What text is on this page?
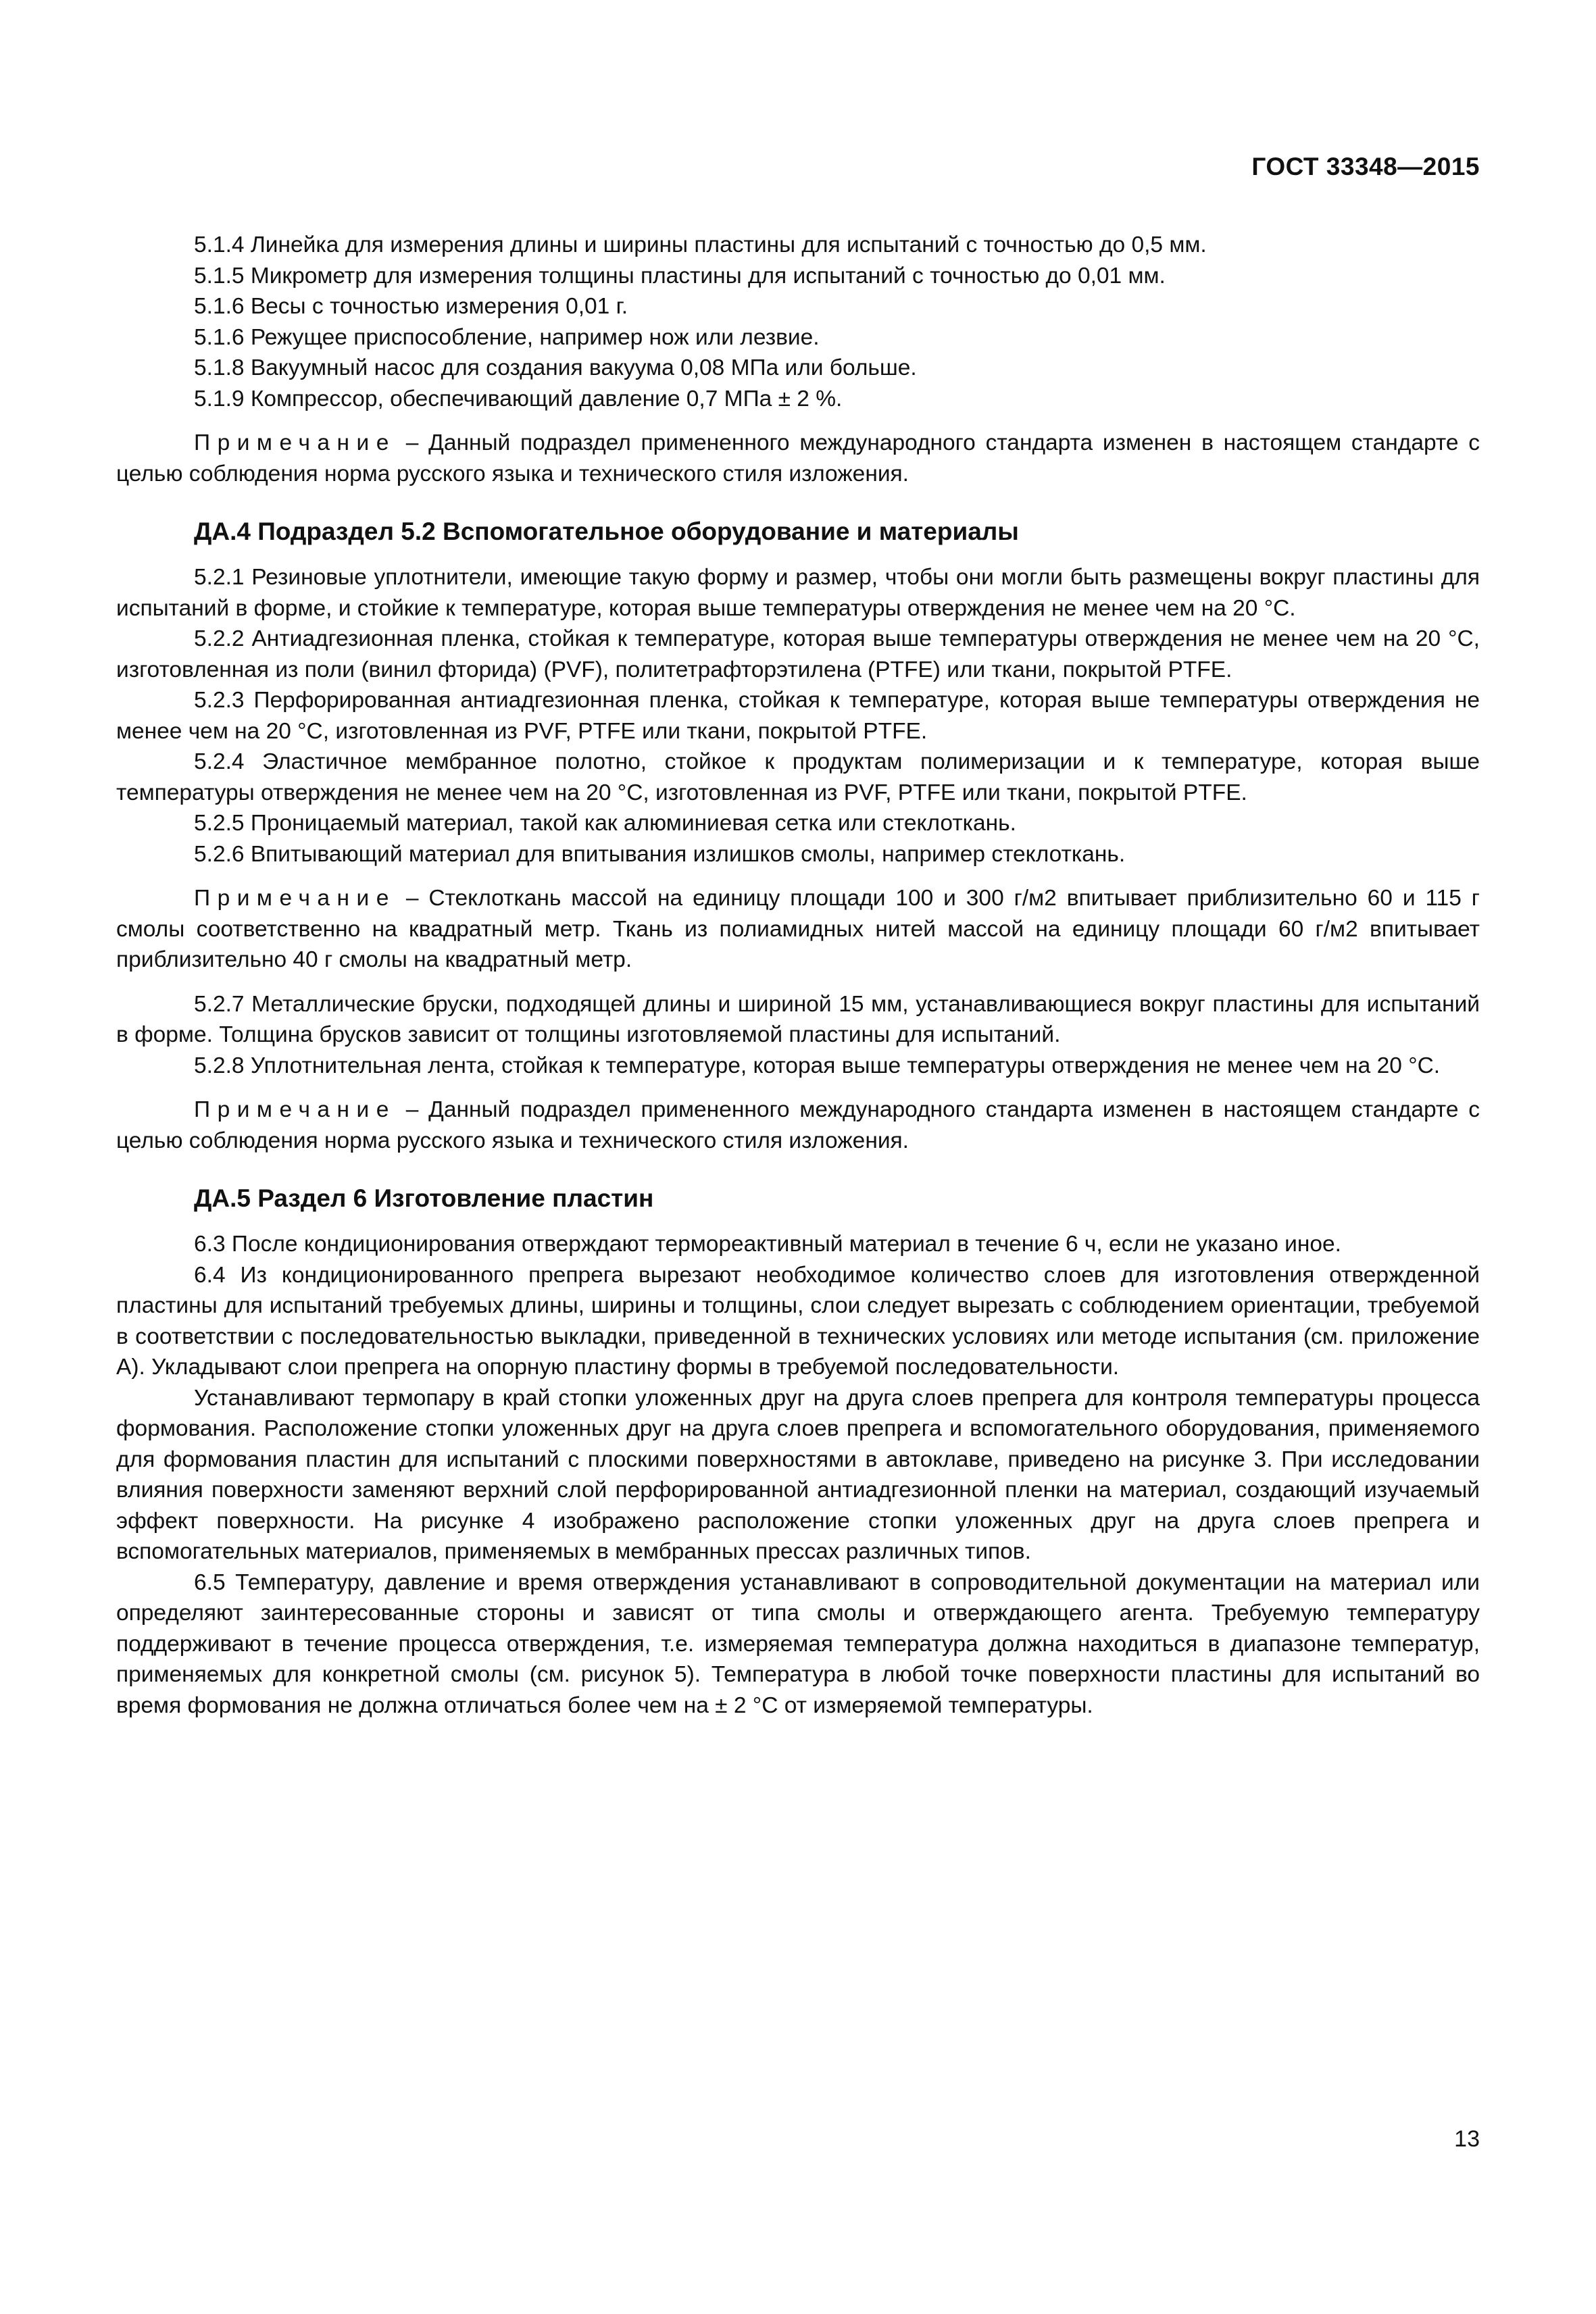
ГОСТ 33348—2015

5.1.4 Линейка для измерения длины и ширины пластины для испытаний с точностью до 0,5 мм.

5.1.5 Микрометр для измерения толщины пластины для испытаний с точностью до 0,01 мм.

5.1.6 Весы с точностью измерения 0,01 г.

5.1.6 Режущее приспособление, например нож или лезвие.

5.1.8 Вакуумный насос для создания вакуума 0,08 МПа или больше.

5.1.9 Компрессор, обеспечивающий давление 0,7 МПа ± 2 %.

Примечание – Данный подраздел примененного международного стандарта изменен в настоящем стандарте с целью соблюдения норма русского языка и технического стиля изложения.

ДА.4 Подраздел 5.2 Вспомогательное оборудование и материалы

5.2.1 Резиновые уплотнители, имеющие такую форму и размер, чтобы они могли быть размещены вокруг пластины для испытаний в форме, и стойкие к температуре, которая выше температуры отверждения не менее чем на 20 °С.

5.2.2 Антиадгезионная пленка, стойкая к температуре, которая выше температуры отверждения не менее чем на 20 °С, изготовленная из поли (винил фторида) (PVF), политетрафторэтилена (PTFE) или ткани, покрытой PTFE.

5.2.3 Перфорированная антиадгезионная пленка, стойкая к температуре, которая выше температуры отверждения не менее чем на 20 °С, изготовленная из PVF, PTFE или ткани, покрытой PTFE.

5.2.4 Эластичное мембранное полотно, стойкое к продуктам полимеризации и к температуре, которая выше температуры отверждения не менее чем на 20 °С, изготовленная из PVF, PTFE или ткани, покрытой PTFE.

5.2.5 Проницаемый материал, такой как алюминиевая сетка или стеклоткань.

5.2.6 Впитывающий материал для впитывания излишков смолы, например стеклоткань.

Примечание – Стеклоткань массой на единицу площади 100 и 300 г/м2 впитывает приблизительно 60 и 115 г смолы соответственно на квадратный метр. Ткань из полиамидных нитей массой на единицу площади 60 г/м2 впитывает приблизительно 40 г смолы на квадратный метр.

5.2.7 Металлические бруски, подходящей длины и шириной 15 мм, устанавливающиеся вокруг пластины для испытаний в форме. Толщина брусков зависит от толщины изготовляемой пластины для испытаний.

5.2.8 Уплотнительная лента, стойкая к температуре, которая выше температуры отверждения не менее чем на 20 °С.

Примечание – Данный подраздел примененного международного стандарта изменен в настоящем стандарте с целью соблюдения норма русского языка и технического стиля изложения.

ДА.5 Раздел 6 Изготовление пластин

6.3 После кондиционирования отверждают термореактивный материал в течение 6 ч, если не указано иное.

6.4 Из кондиционированного препрега вырезают необходимое количество слоев для изготовления отвержденной пластины для испытаний требуемых длины, ширины и толщины, слои следует вырезать с соблюдением ориентации, требуемой в соответствии с последовательностью выкладки, приведенной в технических условиях или методе испытания (см. приложение А). Укладывают слои препрега на опорную пластину формы в требуемой последовательности.

Устанавливают термопару в край стопки уложенных друг на друга слоев препрега для контроля температуры процесса формования. Расположение стопки уложенных друг на друга слоев препрега и вспомогательного оборудования, применяемого для формования пластин для испытаний с плоскими поверхностями в автоклаве, приведено на рисунке 3. При исследовании влияния поверхности заменяют верхний слой перфорированной антиадгезионной пленки на материал, создающий изучаемый эффект поверхности. На рисунке 4 изображено расположение стопки уложенных друг на друга слоев препрега и вспомогательных материалов, применяемых в мембранных прессах различных типов.

6.5 Температуру, давление и время отверждения устанавливают в сопроводительной документации на материал или определяют заинтересованные стороны и зависят от типа смолы и отверждающего агента. Требуемую температуру поддерживают в течение процесса отверждения, т.е. измеряемая температура должна находиться в диапазоне температур, применяемых для конкретной смолы (см. рисунок 5). Температура в любой точке поверхности пластины для испытаний во время формования не должна отличаться более чем на ± 2 °С от измеряемой температуры.

13
